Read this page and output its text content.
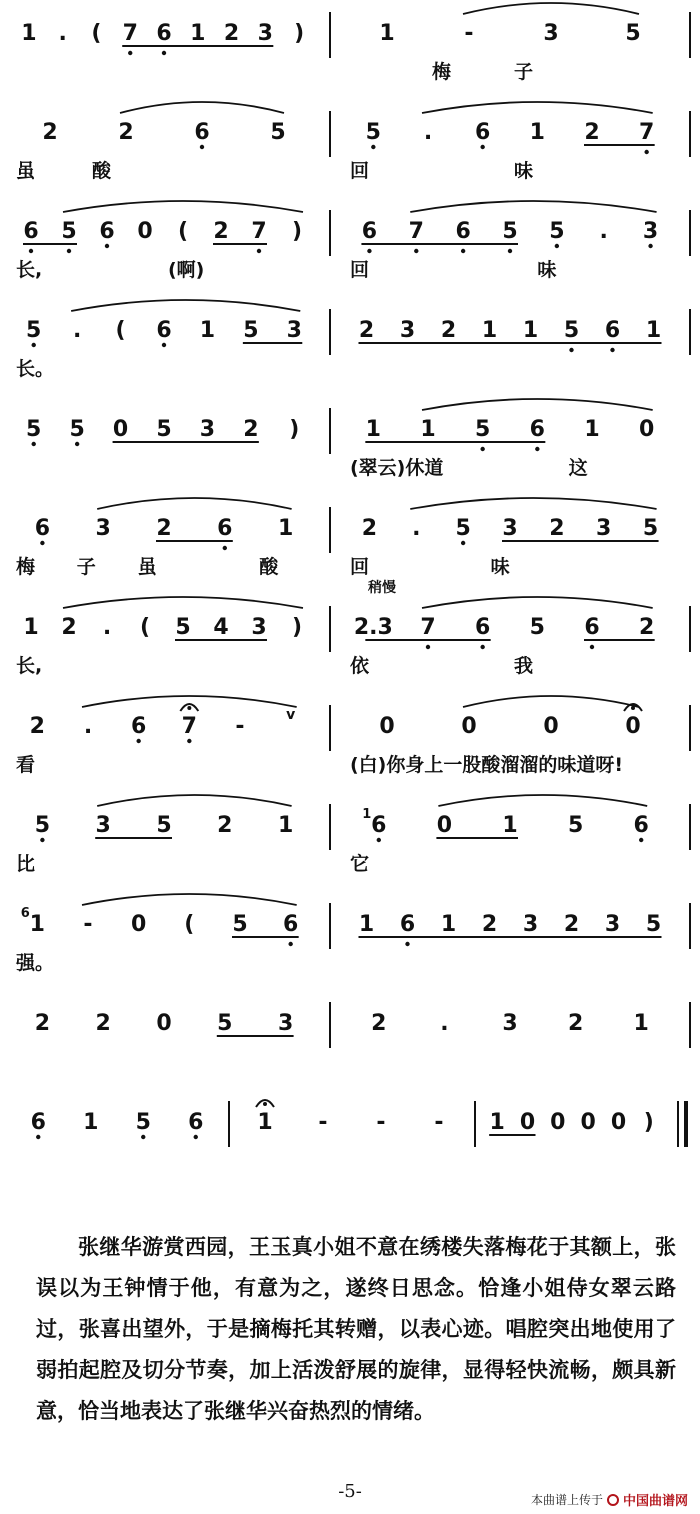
1 . ( 7 6 1 2 3 )	1	-	3	5
梅	子
2	2	6	5
虽	酸
5 . 6 1 2 7
回	味
6 5 6 0 ( 2 7 )
长,	(啊)
6 7 6 5 5 . 3
回	味
5 . ( 6 1 5 3
长。
2 3 2 1 1 5 6 1
5 5 0 5 3 2 )	1 1 5 6 1 0
(翠云)休道	这
6 3 2 6 1
梅 子 虽	酸
2 . 5 3 2 3 5
回	味
1 2 . ( 5 4 3 )
长,
2.3 7 6 5 6 2
稍慢
依	我
2 . 6 7 -	v
看
0	0	0	0
(白)你身上一股酸溜溜的味道呀!
5 3 5 2 1
比
6
1	0 1 5 6
它
1
6 - 0 ( 5 6
强。
1 6 1 2 3 2 3 5
2 2 0 5 3	2 . 3 2 1
6 1 5 6 1 - - - 1 0 0 0 0 )

张继华游赏西园，王玉真小姐不意在绣楼失落梅花于其额上，张误以为王钟情于他，有意为之，遂终日思念。恰逢小姐侍女翠云路过，张喜出望外，于是摘梅托其转赠，以表心迹。唱腔突出地使用了弱拍起腔及切分节奏，加上活泼舒展的旋律，显得轻快流畅，颇具新意，恰当地表达了张继华兴奋热烈的情绪。

-5-	本曲谱上传于 中国曲谱网
